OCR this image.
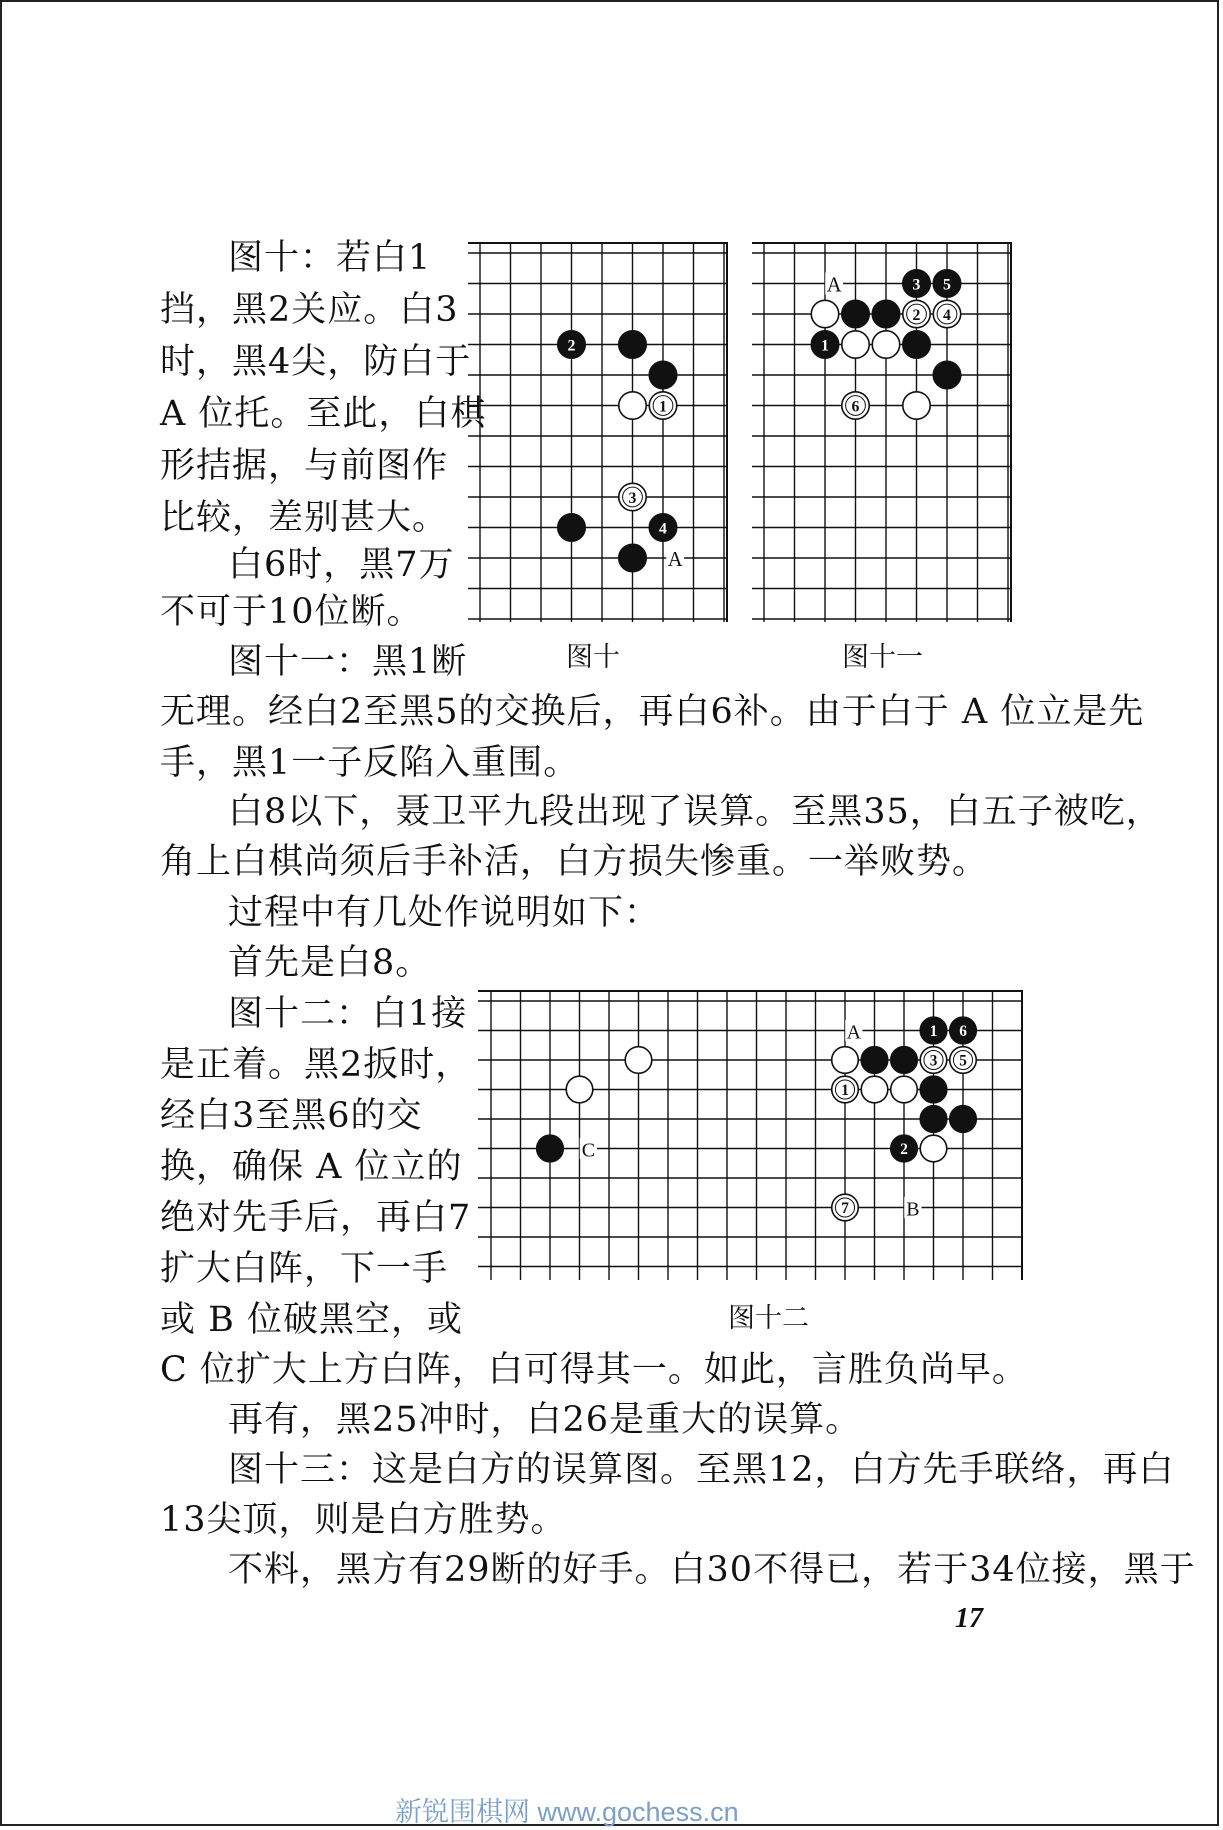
图十：若白1
挡，黑2关应。白3
时，黑4尖，防白于
A 位托。至此，白棋
形拮据，与前图作
比较，差别甚大。
白6时，黑7万
不可于10位断。
图十一：黑1断
2
1
3
4
A
图十
3 5
2 4
1
6
A
图十一
无理。经白2至黑5的交换后，再白6补。由于白于 A 位立是先
手，黑1一子反陷入重围。
白8以下，聂卫平九段出现了误算。至黑35，白五子被吃，
角上白棋尚须后手补活，白方损失惨重。一举败势。
过程中有几处作说明如下：
首先是白8。
图十二：白1接
是正着。黑2扳时，
经白3至黑6的交
换，确保 A 位立的
绝对先手后，再白7
扩大白阵，下一手
或 B 位破黑空，或
1 6
3 5
1
2
7
A
C
B
图十二
C 位扩大上方白阵，白可得其一。如此，言胜负尚早。
再有，黑25冲时，白26是重大的误算。
图十三：这是白方的误算图。至黑12，白方先手联络，再白
13尖顶，则是白方胜势。
不料，黑方有29断的好手。白30不得已，若于34位接，黑于
17
新锐围棋网 www.gochess.cn
